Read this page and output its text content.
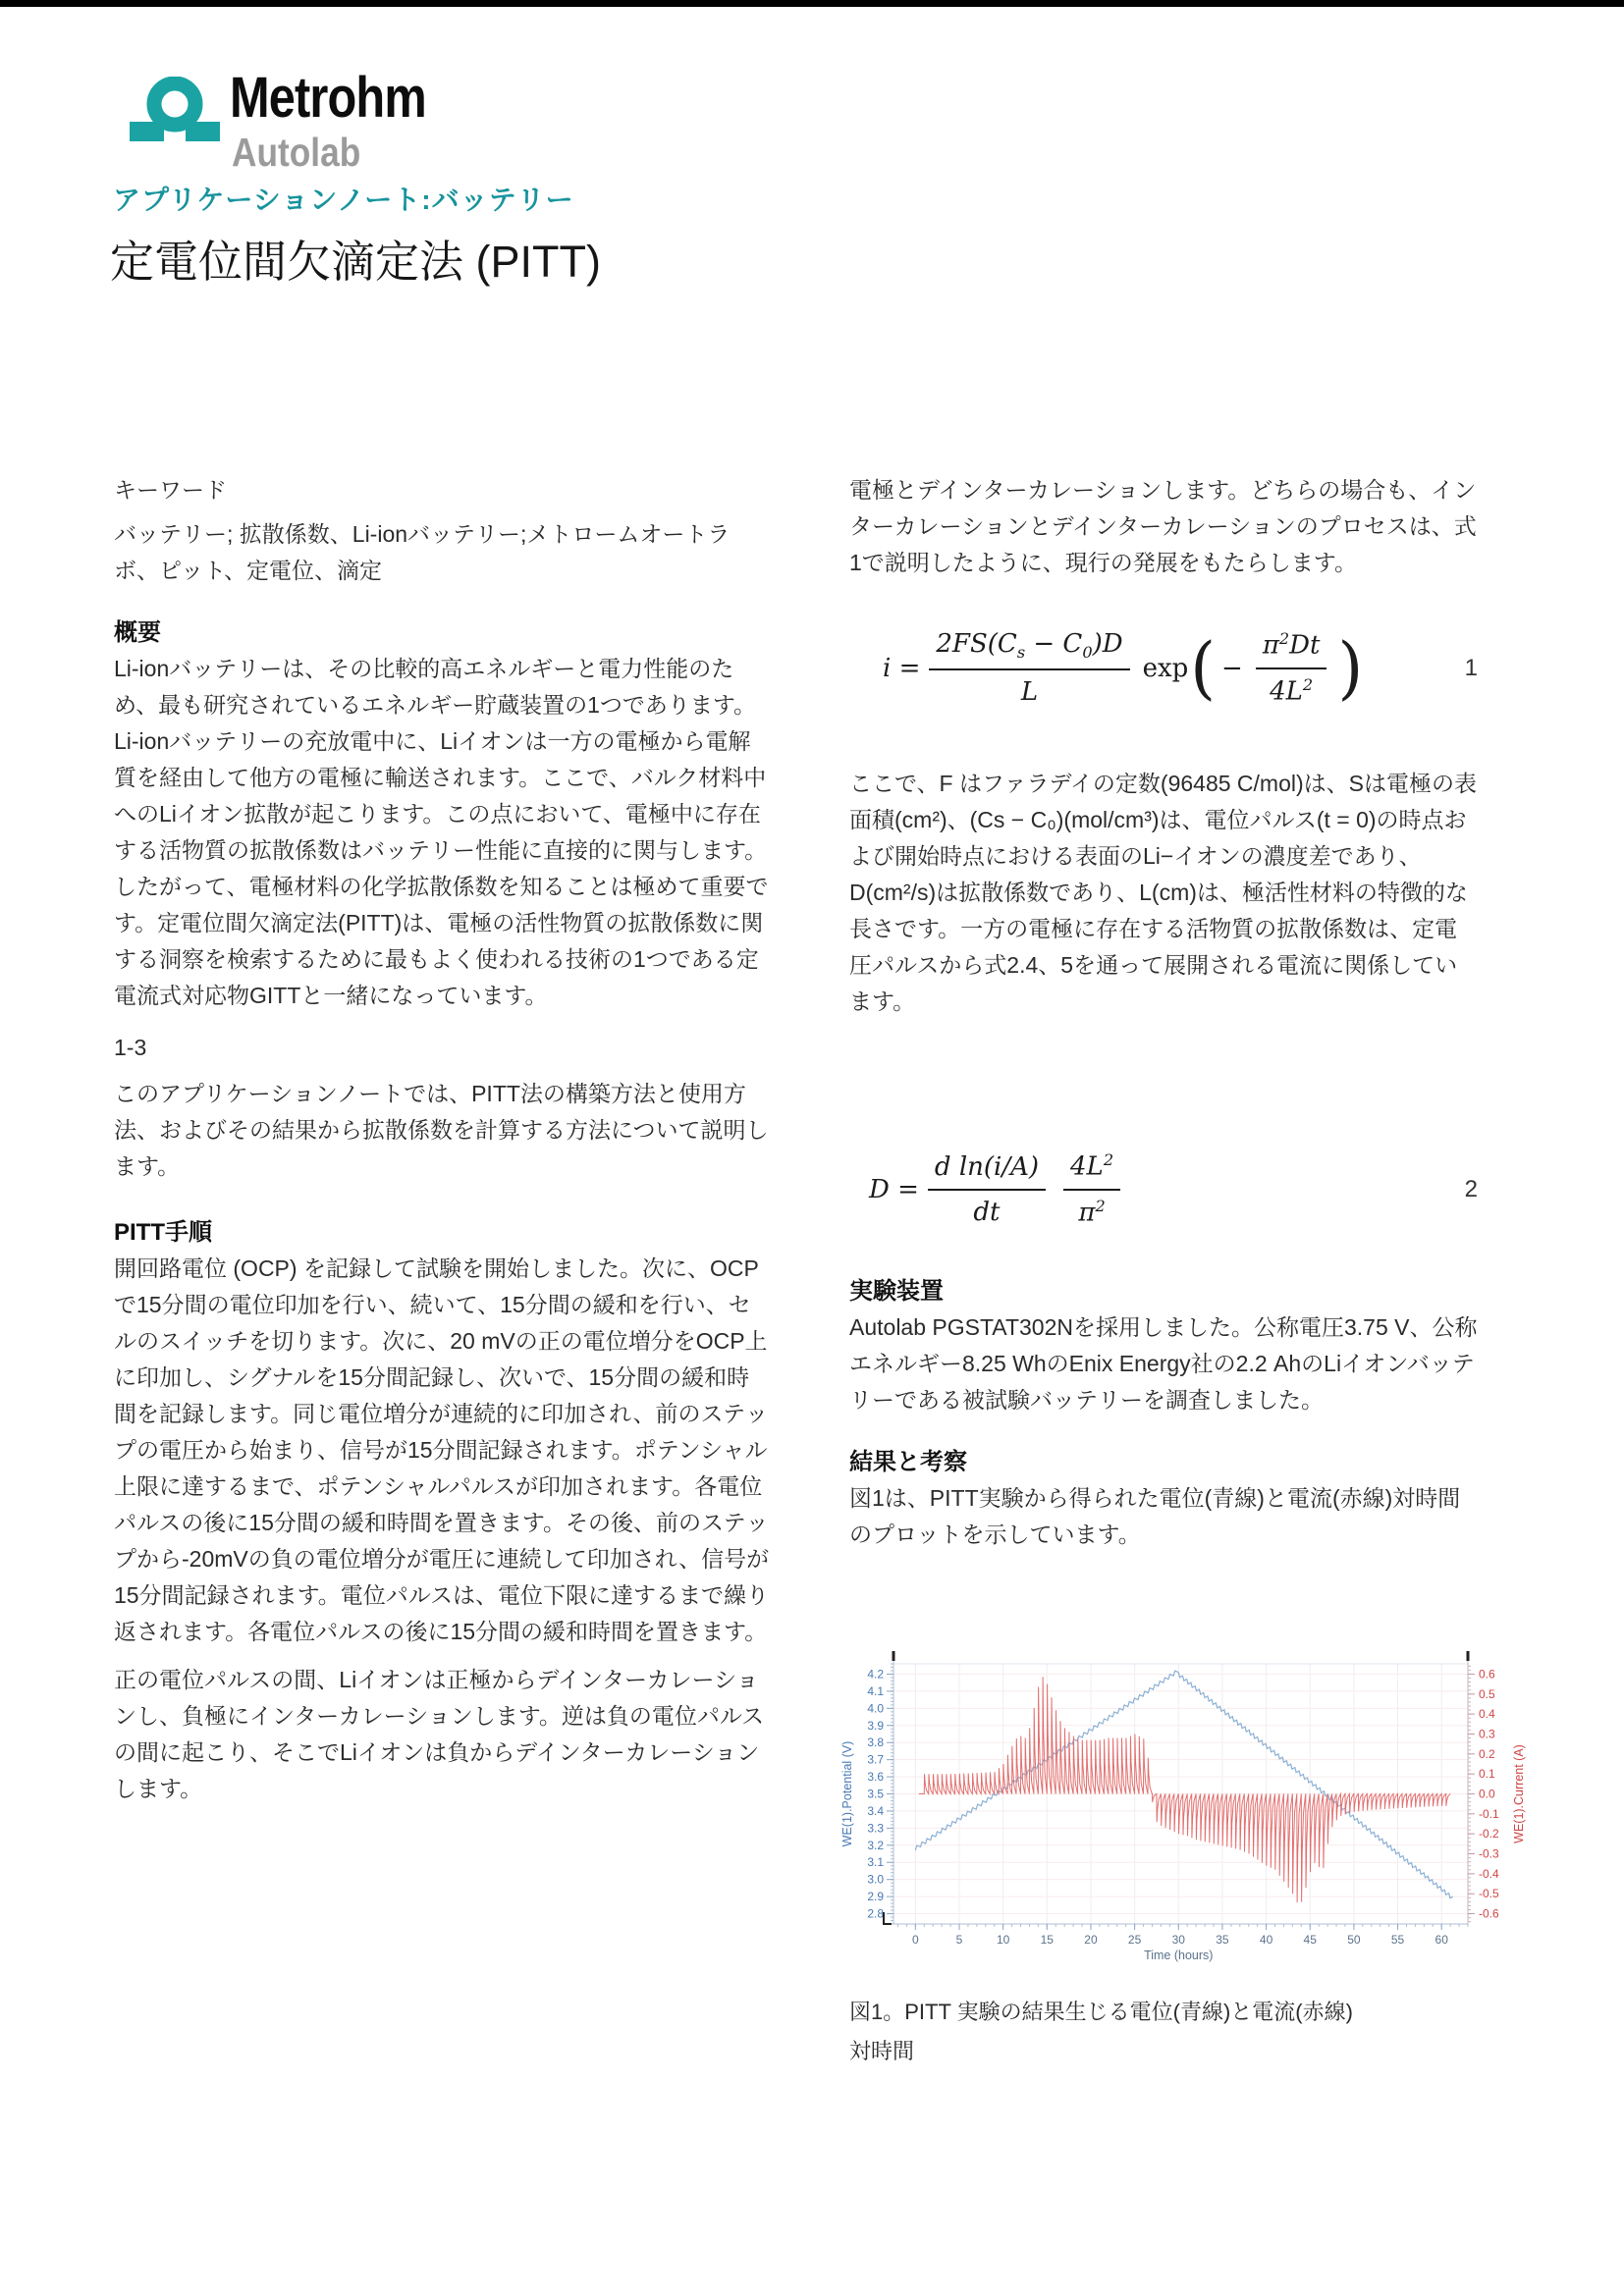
Metrohm
Autolab
アプリケーションノート:バッテリー
定電位間欠滴定法 (PITT)

キーワード

バッテリー; 拡散係数、Li-ionバッテリー;メトロームオートラボ、ピット、定電位、滴定

概要

Li-ionバッテリーは、その比較的高エネルギーと電力性能のため、最も研究されているエネルギー貯蔵装置の1つであります。Li-ionバッテリーの充放電中に、Liイオンは一方の電極から電解質を経由して他方の電極に輸送されます。ここで、バルク材料中へのLiイオン拡散が起こります。この点において、電極中に存在する活物質の拡散係数はバッテリー性能に直接的に関与します。したがって、電極材料の化学拡散係数を知ることは極めて重要です。定電位間欠滴定法(PITT)は、電極の活性物質の拡散係数に関する洞察を検索するために最もよく使われる技術の1つである定電流式対応物GITTと一緒になっています。

1-3

このアプリケーションノートでは、PITT法の構築方法と使用方法、およびその結果から拡散係数を計算する方法について説明します。

PITT手順

開回路電位 (OCP) を記録して試験を開始しました。次に、OCPで15分間の電位印加を行い、続いて、15分間の緩和を行い、セルのスイッチを切ります。次に、20 mVの正の電位増分をOCP上に印加し、シグナルを15分間記録し、次いで、15分間の緩和時間を記録します。同じ電位増分が連続的に印加され、前のステップの電圧から始まり、信号が15分間記録されます。ポテンシャル上限に達するまで、ポテンシャルパルスが印加されます。各電位パルスの後に15分間の緩和時間を置きます。その後、前のステップから-20mVの負の電位増分が電圧に連続して印加され、信号が15分間記録されます。電位パルスは、電位下限に達するまで繰り返されます。各電位パルスの後に15分間の緩和時間を置きます。

正の電位パルスの間、Liイオンは正極からデインターカレーションし、負極にインターカレーションします。逆は負の電位パルスの間に起こり、そこでLiイオンは負からデインターカレーションします。

電極とデインターカレーションします。どちらの場合も、インターカレーションとデインターカレーションのプロセスは、式1で説明したように、現行の発展をもたらします。

$i = \frac{2FS(C_s - C_0)D}{L}$ exp ( − $\frac{\pi^2Dt}{4L^2}$ )	1

ここで、F はファラデイの定数(96485 C/mol)は、Sは電極の表面積(cm²)、(Cs − C₀)(mol/cm³)は、電位パルス(t = 0)の時点および開始時点における表面のLi−イオンの濃度差であり、D(cm²/s)は拡散係数であり、L(cm)は、極活性材料の特徴的な長さです。一方の電極に存在する活物質の拡散係数は、定電圧パルスから式2.4、5を通って展開される電流に関係しています。

$D = \frac{\text{d ln(i/A)}}{dt} \frac{4L^2}{\pi^2}$	2

実験装置

Autolab PGSTAT302Nを採用しました。公称電圧3.75 V、公称エネルギー8.25 WhのEnix Energy社の2.2 AhのLiイオンバッテリーである被試験バッテリーを調査しました。

結果と考察

図1は、PITT実験から得られた電位(青線)と電流(赤線)対時間のプロットを示しています。

2.8
2.9
3.0
3.1
3.2
3.3
3.4
3.5
3.6
3.7
3.8
3.9
4.0
4.1
4.2
WE(1).Potential (V)
-0.6
-0.5
-0.4
-0.3
-0.2
-0.1
0.0
0.1
0.2
0.3
0.4
0.5
0.6
WE(1).Current (A)
0	5	10	15	20	25	30	35	40	45	50	55	60
Time (hours)

図1。PITT 実験の結果生じる電位(青線)と電流(赤線)

対時間
